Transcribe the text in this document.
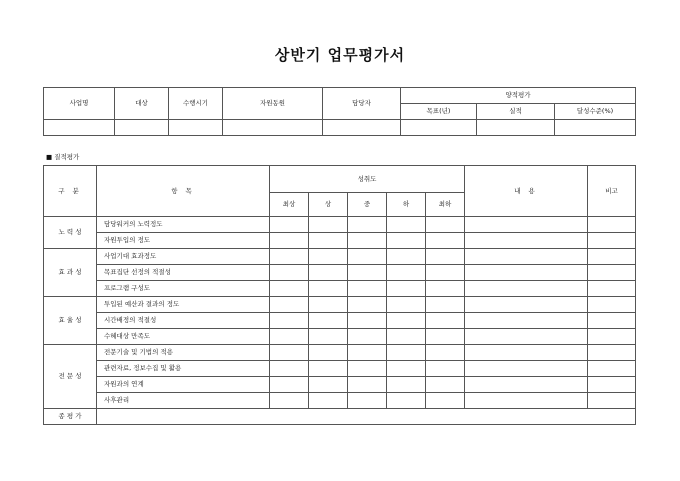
상반기 업무평가서
사업명	대상	수행시기	자원동원	담당자	양적평가		
					목표(년)	실적	달성수준(%)

■ 질적평가
구 분	항 목	성취도					내 용	비고
		최상	상	중	하	최하		
노 력 성	담당워커의 노력정도							
	자원투입의 정도							
효 과 성	사업기대 효과정도							
	목표집단 선정의 적절성							
	프로그램 구성도							
효 율 성	투입된 예산과 결과의 정도							
	시간배정의 적절성							
	수혜대상 만족도							
전 문 성	전문기술 및 기법의 적용							
	관련자료, 정보수집 및 활용							
	자원과의 연계							
	사후관리							
종 평 가								
